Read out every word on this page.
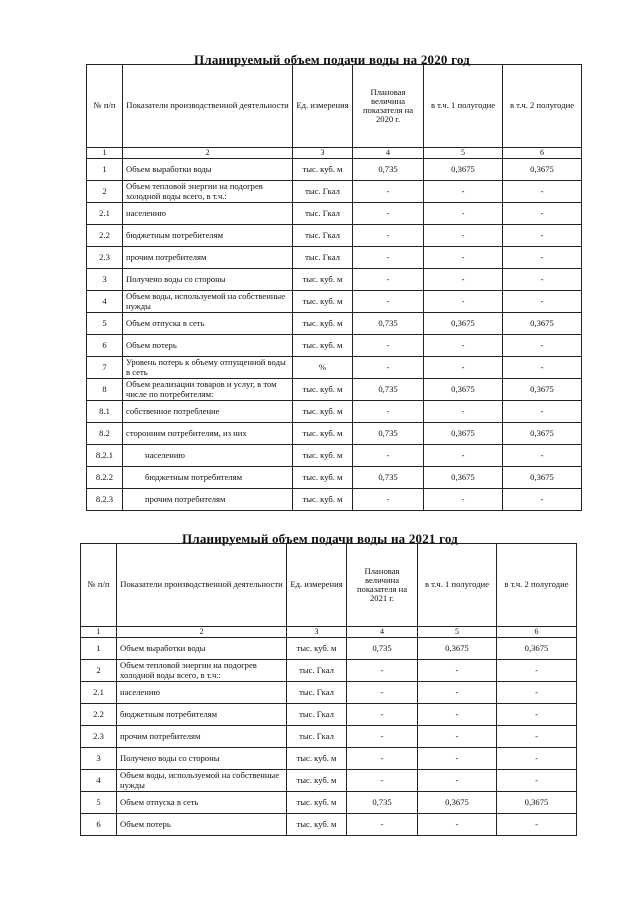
Планируемый объем подачи воды на 2020 год
№ п/п	Показатели производственной деятельности	Ед. измерения	Плановая величина показателя на 2020 г.	в т.ч. 1 полугодие	в т.ч. 2 полугодие
1	2	3	4	5	6
1	Объем выработки воды	тыс. куб. м	0,735	0,3675	0,3675
2	Объем тепловой энергии на подогрев холодной воды всего, в т.ч.:	тыс. Гкал	-	-	-
2.1	населению	тыс. Гкал	-	-	-
2.2	бюджетным потребителям	тыс. Гкал	-	-	-
2.3	прочим потребителям	тыс. Гкал	-	-	-
3	Получено воды со стороны	тыс. куб. м	-	-	-
4	Объем воды, используемой на собственные нужды	тыс. куб. м	-	-	-
5	Объем отпуска в сеть	тыс. куб. м	0,735	0,3675	0,3675
6	Объем потерь	тыс. куб. м	-	-	-
7	Уровень потерь к объему отпущенной воды в сеть	%	-	-	-
8	Объем реализации товаров и услуг, в том числе по потребителям:	тыс. куб. м	0,735	0,3675	0,3675
8.1	собственное потребление	тыс. куб. м	-	-	-
8.2	сторонним потребителям, из них	тыс. куб. м	0,735	0,3675	0,3675
8.2.1	населению	тыс. куб. м	-	-	-
8.2.2	бюджетным потребителям	тыс. куб. м	0,735	0,3675	0,3675
8.2.3	прочим потребителям	тыс. куб. м	-	-	-
Планируемый объем подачи воды на 2021 год
№ п/п	Показатели производственной деятельности	Ед. измерения	Плановая величина показателя на 2021 г.	в т.ч. 1 полугодие	в т.ч. 2 полугодие
1	2	3	4	5	6
1	Объем выработки воды	тыс. куб. м	0,735	0,3675	0,3675
2	Объем тепловой энергии на подогрев холодной воды всего, в т.ч.:	тыс. Гкал	-	-	-
2.1	населению	тыс. Гкал	-	-	-
2.2	бюджетным потребителям	тыс. Гкал	-	-	-
2.3	прочим потребителям	тыс. Гкал	-	-	-
3	Получено воды со стороны	тыс. куб. м	-	-	-
4	Объем воды, используемой на собственные нужды	тыс. куб. м	-	-	-
5	Объем отпуска в сеть	тыс. куб. м	0,735	0,3675	0,3675
6	Объем потерь	тыс. куб. м	-	-	-
